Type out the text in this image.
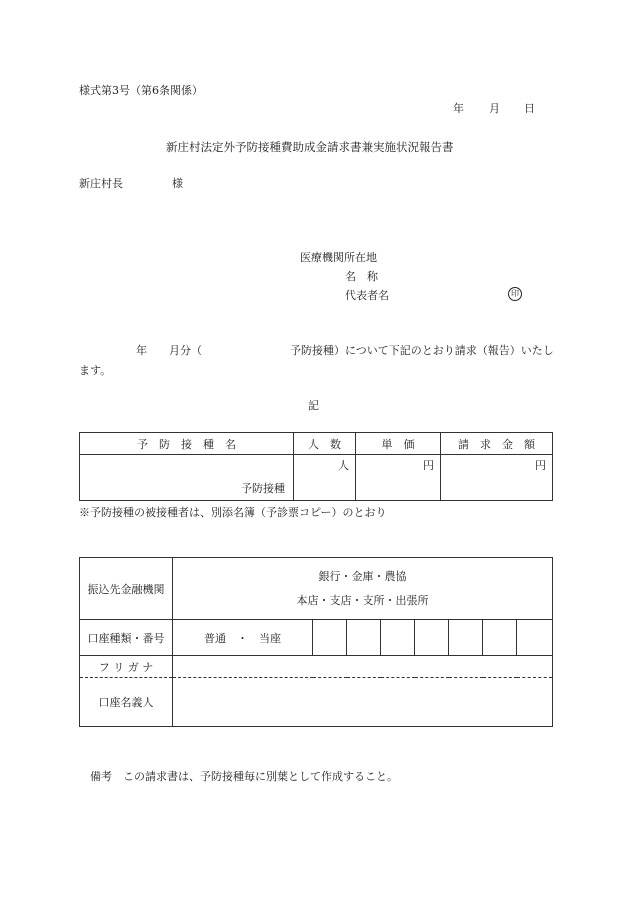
様式第3号（第6条関係）
年 月 日
新庄村法定外予防接種費助成金請求書兼実施状況報告書
新庄村長	様
医療機関所在地
名　称
代表者名	印
年　　月分（　　　　　　　　予防接種）について下記のとおり請求（報告）いたし
ます。
記
予　防　接　種　名	人　数	単　価	請　求　金　額
予防接種	人	円	円
※予防接種の被接種者は、別添名簿（予診票コピー）のとおり
振込先金融機関	銀行・金庫・農協
本店・支店・支所・出張所							

口座種類・番号	普通　・　当座							
フ リ ガ ナ								
口座名義人								
備考　この請求書は、予防接種毎に別葉として作成すること。
